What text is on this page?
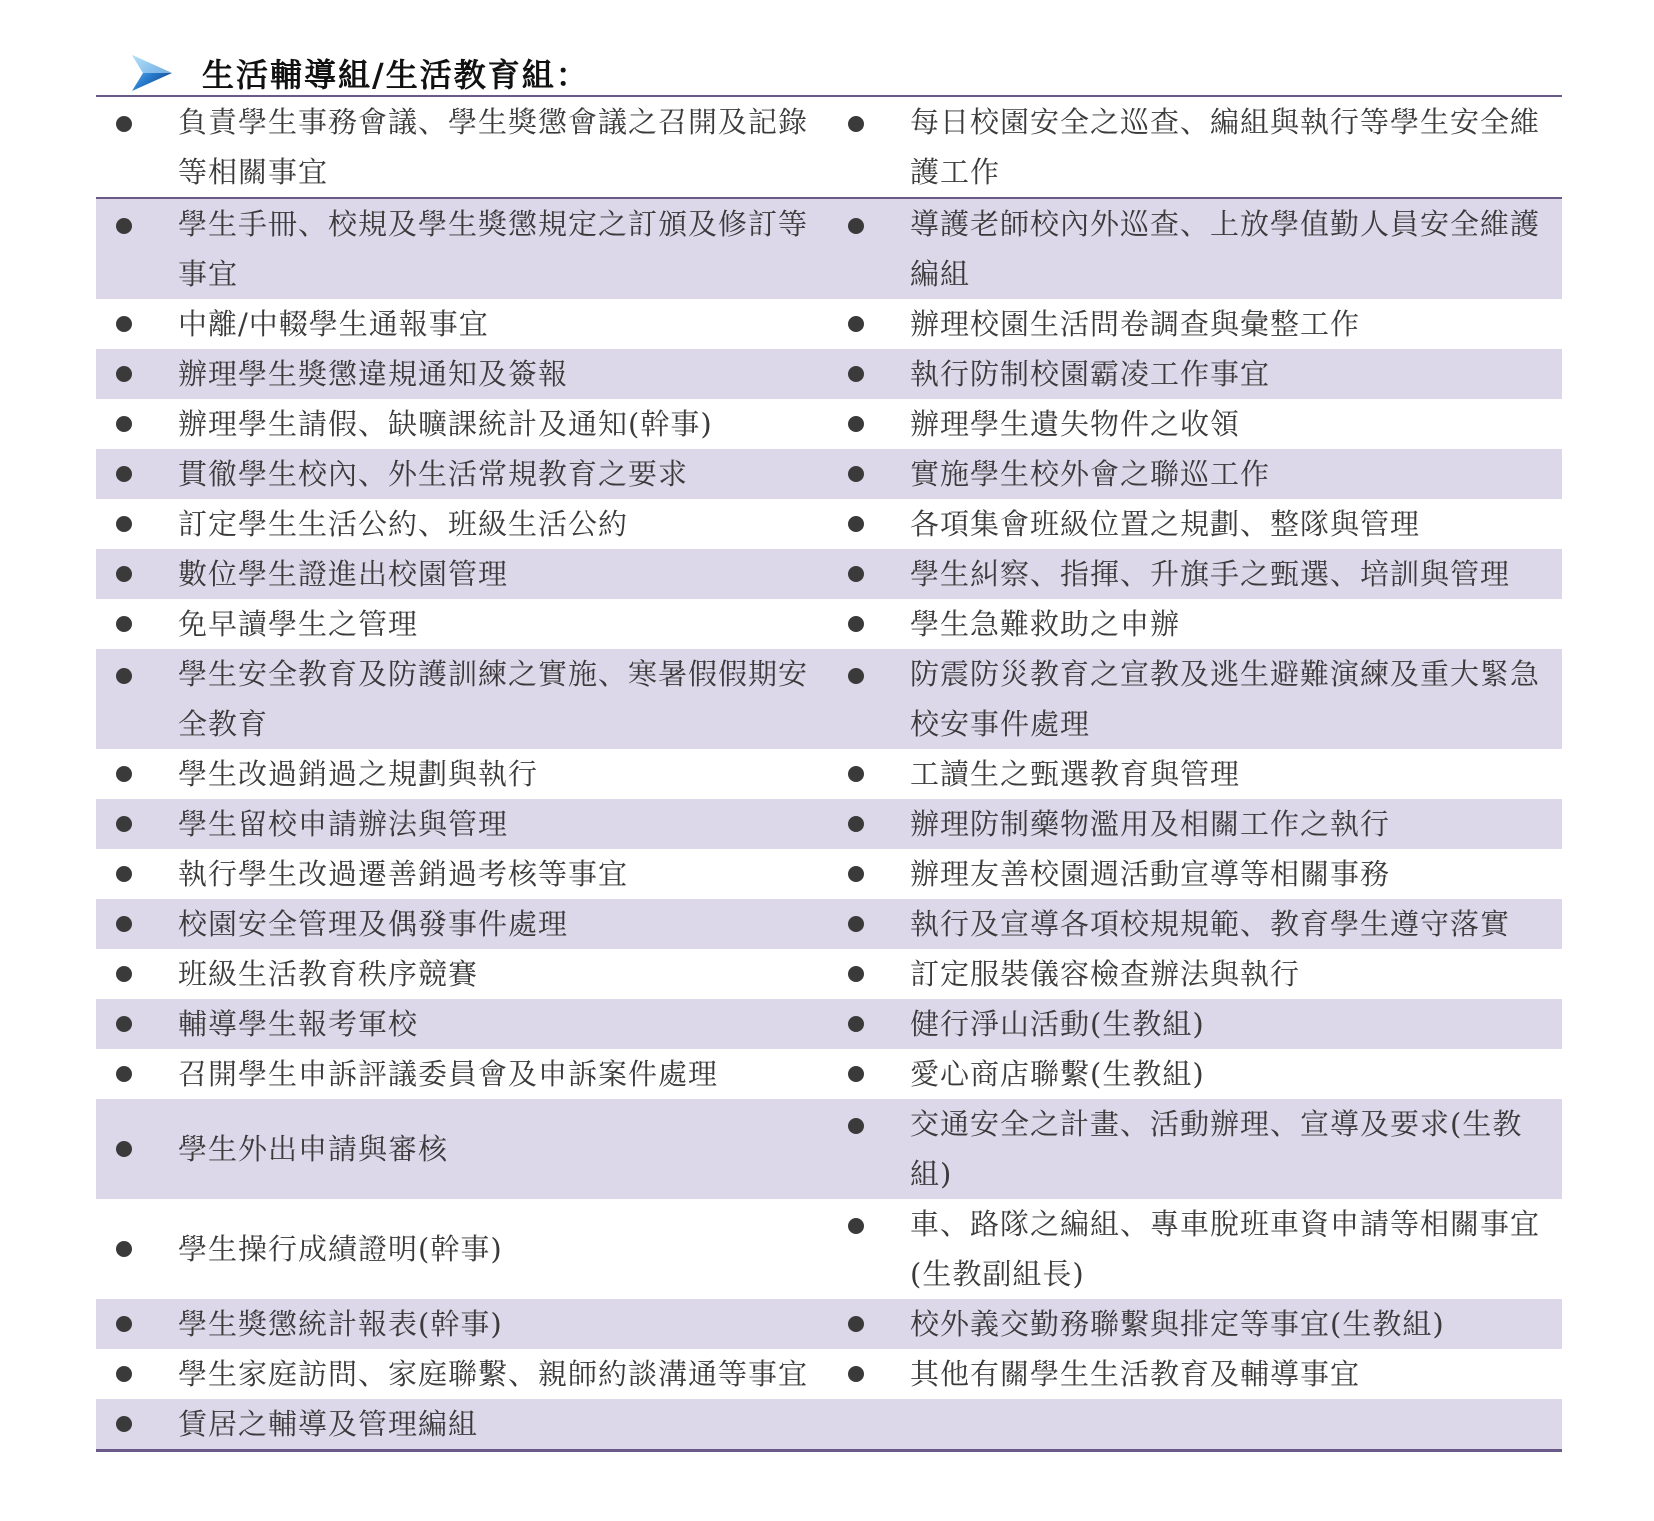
生活輔導組/生活教育組：
	負責學生事務會議、學生獎懲會議之召開及記錄等相關事宜		每日校園安全之巡查、編組與執行等學生安全維護工作

	學生手冊、校規及學生獎懲規定之訂頒及修訂等事宜		導護老師校內外巡查、上放學值勤人員安全維護編組

	中離/中輟學生通報事宜		辦理校園生活問卷調查與彙整工作

	辦理學生獎懲違規通知及簽報		執行防制校園霸凌工作事宜

	辦理學生請假、缺曠課統計及通知(幹事)		辦理學生遺失物件之收領

	貫徹學生校內、外生活常規教育之要求		實施學生校外會之聯巡工作

	訂定學生生活公約、班級生活公約		各項集會班級位置之規劃、整隊與管理

	數位學生證進出校園管理		學生糾察、指揮、升旗手之甄選、培訓與管理

	免早讀學生之管理		學生急難救助之申辦

	學生安全教育及防護訓練之實施、寒暑假假期安全教育		防震防災教育之宣教及逃生避難演練及重大緊急校安事件處理

	學生改過銷過之規劃與執行		工讀生之甄選教育與管理

	學生留校申請辦法與管理		辦理防制藥物濫用及相關工作之執行

	執行學生改過遷善銷過考核等事宜		辦理友善校園週活動宣導等相關事務

	校園安全管理及偶發事件處理		執行及宣導各項校規規範、教育學生遵守落實

	班級生活教育秩序競賽		訂定服裝儀容檢查辦法與執行

	輔導學生報考軍校		健行淨山活動(生教組)

	召開學生申訴評議委員會及申訴案件處理		愛心商店聯繫(生教組)

	學生外出申請與審核		交通安全之計畫、活動辦理、宣導及要求(生教組)

	學生操行成績證明(幹事)		車、路隊之編組、專車脫班車資申請等相關事宜(生教副組長)

	學生獎懲統計報表(幹事)		校外義交勤務聯繫與排定等事宜(生教組)

	學生家庭訪問、家庭聯繫、親師約談溝通等事宜		其他有關學生生活教育及輔導事宜

	賃居之輔導及管理編組		
